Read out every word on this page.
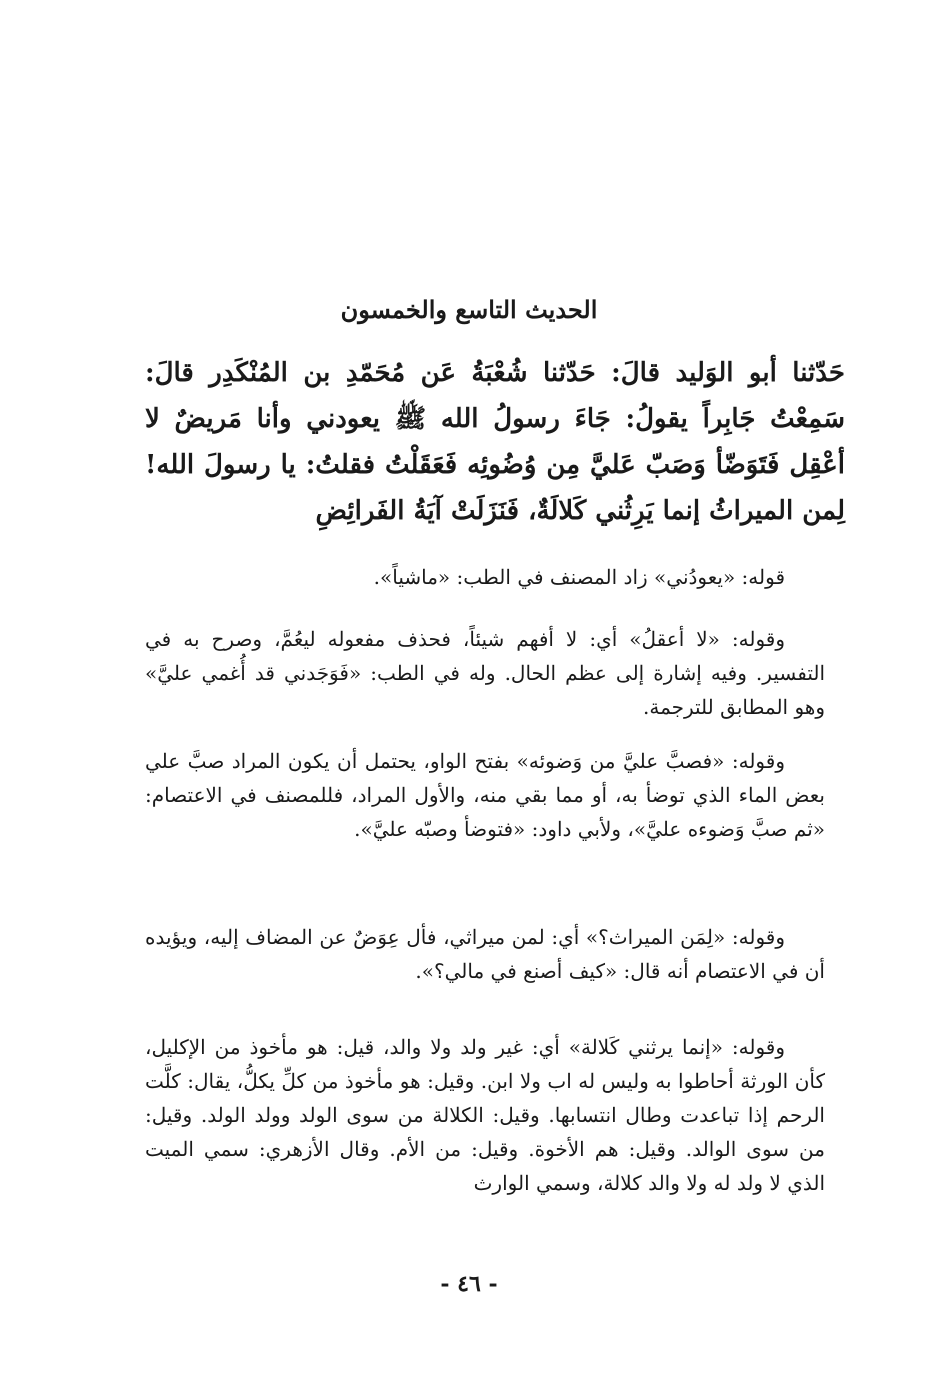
الحديث التاسع والخمسون

حَدّثنا أبو الوَليد قالَ: حَدّثنا شُعْبَةُ عَن مُحَمّدِ بن المُنْكَدِر قالَ: سَمِعْتُ جَابِراً يقولُ: جَاءَ رسولُ الله ﷺ يعودني وأنا مَريضٌ لا أعْقِل فَتَوَضّأ وَصَبّ عَليَّ مِن وُضُوئِه فَعَقَلْتُ فقلتُ: يا رسولَ الله! لِمن الميراثُ إنما يَرِثُني كَلالَةٌ، فَنَزَلَتْ آيَةُ الفَرائِضِ

قوله: «يعودُني» زاد المصنف في الطب: «ماشياً».

وقوله: «لا أعقلُ» أي: لا أفهم شيئاً، فحذف مفعوله ليعُمَّ، وصرح به في التفسير. وفيه إشارة إلى عظم الحال. وله في الطب: «فَوَجَدني قد أُغمي عليَّ» وهو المطابق للترجمة.

وقوله: «فصبَّ عليَّ من وَضوئه» بفتح الواو، يحتمل أن يكون المراد صبَّ علي بعض الماء الذي توضأ به، أو مما بقي منه، والأول المراد، فللمصنف في الاعتصام: «ثم صبَّ وَضوءه عليَّ»، ولأبي داود: «فتوضأ وصبّه عليَّ».

وقوله: «لِمَن الميراث؟» أي: لمن ميراثي، فأل عِوَضٌ عن المضاف إليه، ويؤيده أن في الاعتصام أنه قال: «كيف أصنع في مالي؟».

وقوله: «إنما يرثني كَلالة» أي: غير ولد ولا والد، قيل: هو مأخوذ من الإكليل، كأن الورثة أحاطوا به وليس له اب ولا ابن. وقيل: هو مأخوذ من كلِّ يكلُّ، يقال: كلَّت الرحم إذا تباعدت وطال انتسابها. وقيل: الكلالة من سوى الولد وولد الولد. وقيل: من سوى الوالد. وقيل: هم الأخوة. وقيل: من الأم. وقال الأزهري: سمي الميت الذي لا ولد له ولا والد كلالة، وسمي الوارث

- ٤٦ -
